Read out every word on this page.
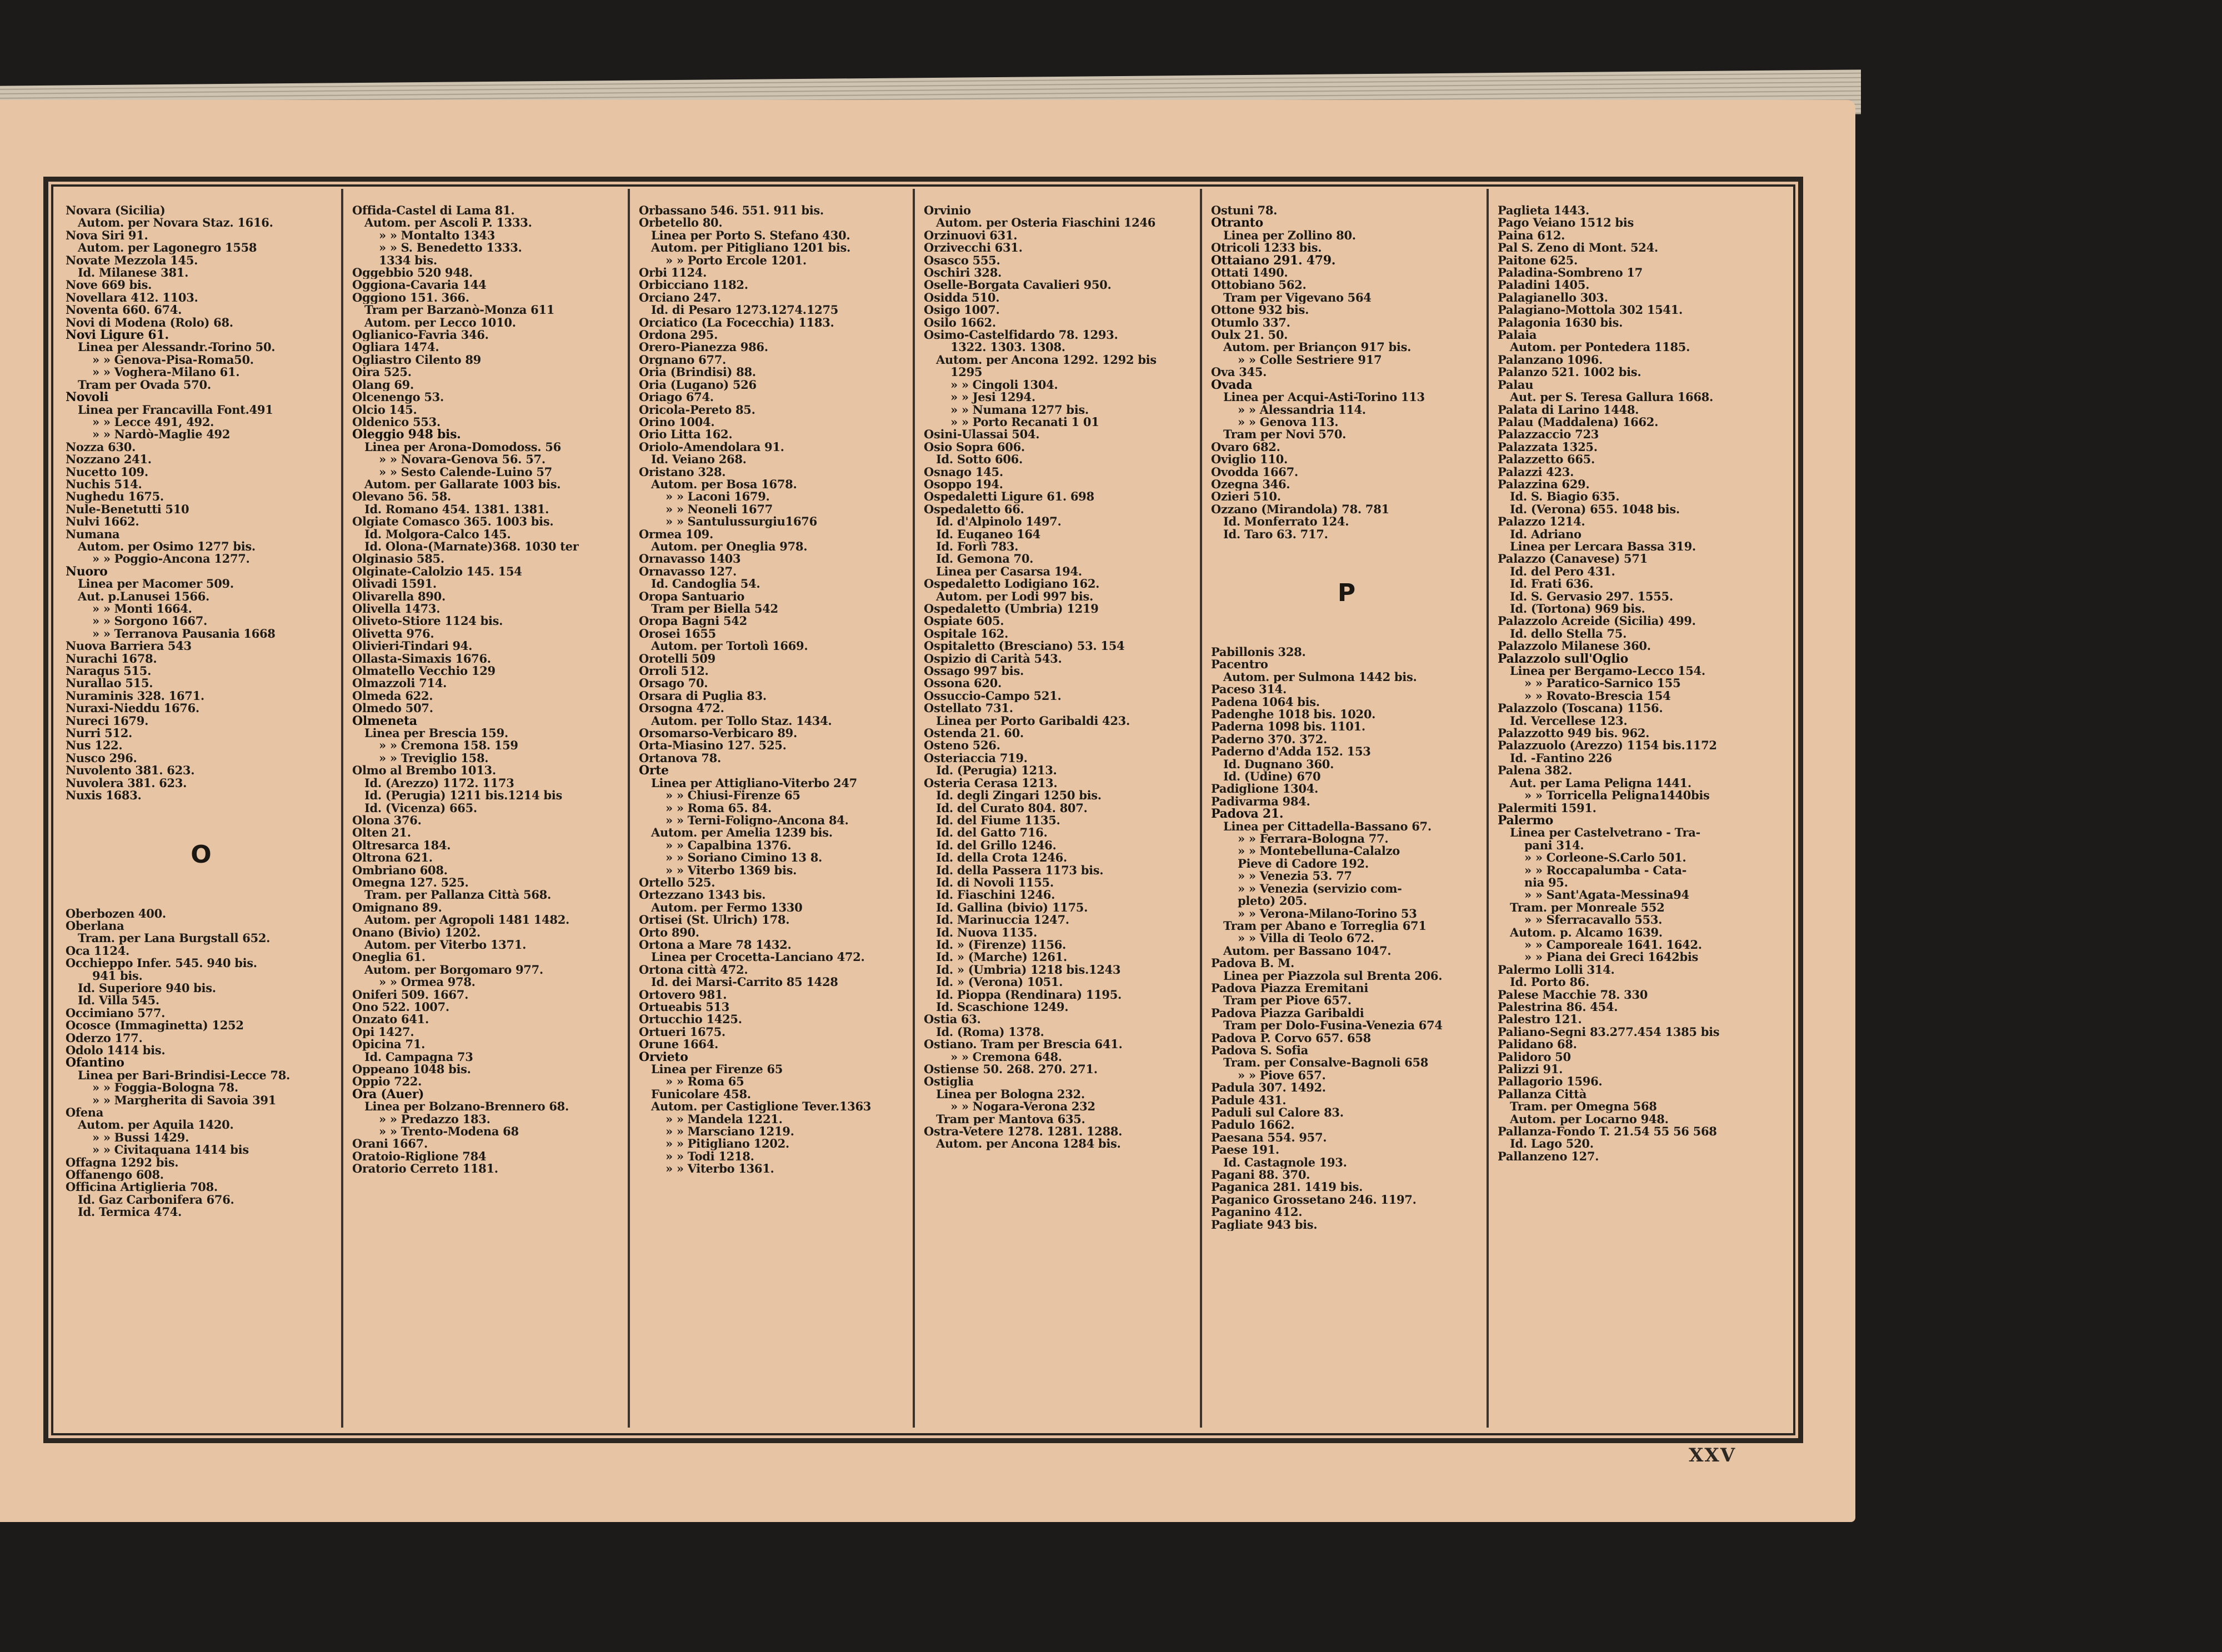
Novara (Sicilia)
Autom. per Novara Staz. 1616.
Nova Siri 91.
Autom. per Lagonegro 1558
Novate Mezzola 145.
Id. Milanese 381.
Nove 669 bis.
Novellara 412. 1103.
Noventa 660. 674.
Novi di Modena (Rolo) 68.
Novi Ligure 61.
Linea per Alessandr.-Torino 50.
» » Genova-Pisa-Roma50.
» » Voghera-Milano 61.
Tram per Ovada 570.
Novoli
Linea per Francavilla Font.491
» » Lecce 491, 492.
» » Nardò-Maglie 492
Nozza 630.
Nozzano 241.
Nucetto 109.
Nuchis 514.
Nughedu 1675.
Nule-Benetutti 510
Nulvi 1662.
Numana
Autom. per Osimo 1277 bis.
» » Poggio-Ancona 1277.
Nuoro
Linea per Macomer 509.
Aut. p.Lanusei 1566.
» » Monti 1664.
» » Sorgono 1667.
» » Terranova Pausania 1668
Nuova Barriera 543
Nurachi 1678.
Naragus 515.
Nurallao 515.
Nuraminis 328. 1671.
Nuraxi-Nieddu 1676.
Nureci 1679.
Nurri 512.
Nus 122.
Nusco 296.
Nuvolento 381. 623.
Nuvolera 381. 623.
Nuxis 1683.
O
Oberbozen 400.
Oberlana
Tram. per Lana Burgstall 652.
Oca 1124.
Occhieppo Infer. 545. 940 bis.
941 bis.
Id. Superiore 940 bis.
Id. Villa 545.
Occimiano 577.
Ocosce (Immaginetta) 1252
Oderzo 177.
Odolo 1414 bis.
Ofantino
Linea per Bari-Brindisi-Lecce 78.
» » Foggia-Bologna 78.
» » Margherita di Savoia 391
Ofena
Autom. per Aquila 1420.
» » Bussi 1429.
» » Civitaquana 1414 bis
Offagna 1292 bis.
Offanengo 608.
Officina Artiglieria 708.
Id. Gaz Carbonifera 676.
Id. Termica 474.
Offida-Castel di Lama 81.
Autom. per Ascoli P. 1333.
» » Montalto 1343
» » S. Benedetto 1333.
1334 bis.
Oggebbio 520 948.
Oggiona-Cavaria 144
Oggiono 151. 366.
Tram per Barzanò-Monza 611
Autom. per Lecco 1010.
Oglianico-Favria 346.
Ogliara 1474.
Ogliastro Cilento 89
Oira 525.
Olang 69.
Olcenengo 53.
Olcio 145.
Oldenico 553.
Oleggio 948 bis.
Linea per Arona-Domodoss. 56
» » Novara-Genova 56. 57.
» » Sesto Calende-Luino 57
Autom. per Gallarate 1003 bis.
Olevano 56. 58.
Id. Romano 454. 1381. 1381.
Olgiate Comasco 365. 1003 bis.
Id. Molgora-Calco 145.
Id. Olona-(Marnate)368. 1030 ter
Olginasio 585.
Olginate-Calolzio 145. 154
Olivadi 1591.
Olivarella 890.
Olivella 1473.
Oliveto-Stiore 1124 bis.
Olivetta 976.
Olivieri-Tindari 94.
Ollasta-Simaxis 1676.
Olmatello Vecchio 129
Olmazzoli 714.
Olmeda 622.
Olmedo 507.
Olmeneta
Linea per Brescia 159.
» » Cremona 158. 159
» » Treviglio 158.
Olmo al Brembo 1013.
Id. (Arezzo) 1172. 1173
Id. (Perugia) 1211 bis.1214 bis
Id. (Vicenza) 665.
Olona 376.
Olten 21.
Oltresarca 184.
Oltrona 621.
Ombriano 608.
Omegna 127. 525.
Tram. per Pallanza Città 568.
Omignano 89.
Autom. per Agropoli 1481 1482.
Onano (Bivio) 1202.
Autom. per Viterbo 1371.
Oneglia 61.
Autom. per Borgomaro 977.
» » Ormea 978.
Oniferi 509. 1667.
Ono 522. 1007.
Onzato 641.
Opi 1427.
Opicina 71.
Id. Campagna 73
Oppeano 1048 bis.
Oppio 722.
Ora (Auer)
Linea per Bolzano-Brennero 68.
» » Predazzo 183.
» » Trento-Modena 68
Orani 1667.
Oratoio-Riglione 784
Oratorio Cerreto 1181.
Orbassano 546. 551. 911 bis.
Orbetello 80.
Linea per Porto S. Stefano 430.
Autom. per Pitigliano 1201 bis.
» » Porto Ercole 1201.
Orbi 1124.
Orbicciano 1182.
Orciano 247.
Id. di Pesaro 1273.1274.1275
Orciatico (La Focecchia) 1183.
Ordona 295.
Orero-Pianezza 986.
Orgnano 677.
Oria (Brindisi) 88.
Oria (Lugano) 526
Oriago 674.
Oricola-Pereto 85.
Orino 1004.
Orio Litta 162.
Oriolo-Amendolara 91.
Id. Veiano 268.
Oristano 328.
Autom. per Bosa 1678.
» » Laconi 1679.
» » Neoneli 1677
» » Santulussurgiu1676
Ormea 109.
Autom. per Oneglia 978.
Ornavasso 1403
Ornavasso 127.
Id. Candoglia 54.
Oropa Santuario
Tram per Biella 542
Oropa Bagni 542
Orosei 1655
Autom. per Tortolì 1669.
Orotelli 509
Orroli 512.
Orsago 70.
Orsara di Puglia 83.
Orsogna 472.
Autom. per Tollo Staz. 1434.
Orsomarso-Verbicaro 89.
Orta-Miasino 127. 525.
Ortanova 78.
Orte
Linea per Attigliano-Viterbo 247
» » Chiusi-Firenze 65
» » Roma 65. 84.
» » Terni-Foligno-Ancona 84.
Autom. per Amelia 1239 bis.
» » Capalbina 1376.
» » Soriano Cimino 13 8.
» » Viterbo 1369 bis.
Ortello 525.
Ortezzano 1343 bis.
Autom. per Fermo 1330
Ortisei (St. Ulrich) 178.
Orto 890.
Ortona a Mare 78 1432.
Linea per Crocetta-Lanciano 472.
Ortona città 472.
Id. dei Marsi-Carrito 85 1428
Ortovero 981.
Ortueabis 513
Ortucchio 1425.
Ortueri 1675.
Orune 1664.
Orvieto
Linea per Firenze 65
» » Roma 65
Funicolare 458.
Autom. per Castiglione Tever.1363
» » Mandela 1221.
» » Marsciano 1219.
» » Pitigliano 1202.
» » Todi 1218.
» » Viterbo 1361.
Orvinio
Autom. per Osteria Fiaschini 1246
Orzinuovi 631.
Orzivecchi 631.
Osasco 555.
Oschiri 328.
Oselle-Borgata Cavalieri 950.
Osidda 510.
Osigo 1007.
Osilo 1662.
Osimo-Castelfidardo 78. 1293.
1322. 1303. 1308.
Autom. per Ancona 1292. 1292 bis
1295
» » Cingoli 1304.
» » Jesi 1294.
» » Numana 1277 bis.
» » Porto Recanati 1 01
Osini-Ulassai 504.
Osio Sopra 606.
Id. Sotto 606.
Osnago 145.
Osoppo 194.
Ospedaletti Ligure 61. 698
Ospedaletto 66.
Id. d'Alpinolo 1497.
Id. Euganeo 164
Id. Forlì 783.
Id. Gemona 70.
Linea per Casarsa 194.
Ospedaletto Lodigiano 162.
Autom. per Lodi 997 bis.
Ospedaletto (Umbria) 1219
Ospiate 605.
Ospitale 162.
Ospitaletto (Bresciano) 53. 154
Ospizio di Carità 543.
Ossago 997 bis.
Ossona 620.
Ossuccio-Campo 521.
Ostellato 731.
Linea per Porto Garibaldi 423.
Ostenda 21. 60.
Osteno 526.
Osteriaccia 719.
Id. (Perugia) 1213.
Osteria Cerasa 1213.
Id. degli Zingari 1250 bis.
Id. del Curato 804. 807.
Id. del Fiume 1135.
Id. del Gatto 716.
Id. del Grillo 1246.
Id. della Crota 1246.
Id. della Passera 1173 bis.
Id. di Novoli 1155.
Id. Fiaschini 1246.
Id. Gallina (bivio) 1175.
Id. Marinuccia 1247.
Id. Nuova 1135.
Id. » (Firenze) 1156.
Id. » (Marche) 1261.
Id. » (Umbria) 1218 bis.1243
Id. » (Verona) 1051.
Id. Pioppa (Rendinara) 1195.
Id. Scaschione 1249.
Ostia 63.
Id. (Roma) 1378.
Ostiano. Tram per Brescia 641.
» » Cremona 648.
Ostiense 50. 268. 270. 271.
Ostiglia
Linea per Bologna 232.
» » Nogara-Verona 232
Tram per Mantova 635.
Ostra-Vetere 1278. 1281. 1288.
Autom. per Ancona 1284 bis.
Ostuni 78.
Otranto
Linea per Zollino 80.
Otricoli 1233 bis.
Ottaiano 291. 479.
Ottati 1490.
Ottobiano 562.
Tram per Vigevano 564
Ottone 932 bis.
Otumlo 337.
Oulx 21. 50.
Autom. per Briançon 917 bis.
» » Colle Sestriere 917
Ova 345.
Ovada
Linea per Acqui-Asti-Torino 113
» » Alessandria 114.
» » Genova 113.
Tram per Novi 570.
Ovaro 682.
Oviglio 110.
Ovodda 1667.
Ozegna 346.
Ozieri 510.
Ozzano (Mirandola) 78. 781
Id. Monferrato 124.
Id. Taro 63. 717.
P
Pabillonis 328.
Pacentro
Autom. per Sulmona 1442 bis.
Paceso 314.
Padena 1064 bis.
Padenghe 1018 bis. 1020.
Paderna 1098 bis. 1101.
Paderno 370. 372.
Paderno d'Adda 152. 153
Id. Dugnano 360.
Id. (Udine) 670
Padiglione 1304.
Padivarma 984.
Padova 21.
Linea per Cittadella-Bassano 67.
» » Ferrara-Bologna 77.
» » Montebelluna-Calalzo
Pieve di Cadore 192.
» » Venezia 53. 77
» » Venezia (servizio com-
pleto) 205.
» » Verona-Milano-Torino 53
Tram per Abano e Torreglia 671
» » Villa di Teolo 672.
Autom. per Bassano 1047.
Padova B. M.
Linea per Piazzola sul Brenta 206.
Padova Piazza Eremitani
Tram per Piove 657.
Padova Piazza Garibaldi
Tram per Dolo-Fusina-Venezia 674
Padova P. Corvo 657. 658
Padova S. Sofia
Tram. per Consalve-Bagnoli 658
» » Piove 657.
Padula 307. 1492.
Padule 431.
Paduli sul Calore 83.
Padulo 1662.
Paesana 554. 957.
Paese 191.
Id. Castagnole 193.
Pagani 88. 370.
Paganica 281. 1419 bis.
Paganico Grossetano 246. 1197.
Paganino 412.
Pagliate 943 bis.
Paglieta 1443.
Pago Veiano 1512 bis
Paina 612.
Pal S. Zeno di Mont. 524.
Paitone 625.
Paladina-Sombreno 17
Paladini 1405.
Palagianello 303.
Palagiano-Mottola 302 1541.
Palagonia 1630 bis.
Palaia
Autom. per Pontedera 1185.
Palanzano 1096.
Palanzo 521. 1002 bis.
Palau
Aut. per S. Teresa Gallura 1668.
Palata di Larino 1448.
Palau (Maddalena) 1662.
Palazzaccio 723
Palazzata 1325.
Palazzetto 665.
Palazzi 423.
Palazzina 629.
Id. S. Biagio 635.
Id. (Verona) 655. 1048 bis.
Palazzo 1214.
Id. Adriano
Linea per Lercara Bassa 319.
Palazzo (Canavese) 571
Id. del Pero 431.
Id. Frati 636.
Id. S. Gervasio 297. 1555.
Id. (Tortona) 969 bis.
Palazzolo Acreide (Sicilia) 499.
Id. dello Stella 75.
Palazzolo Milanese 360.
Palazzolo sull'Oglio
Linea per Bergamo-Lecco 154.
» » Paratico-Sarnico 155
» » Rovato-Brescia 154
Palazzolo (Toscana) 1156.
Id. Vercellese 123.
Palazzotto 949 bis. 962.
Palazzuolo (Arezzo) 1154 bis.1172
Id. -Fantino 226
Palena 382.
Aut. per Lama Peligna 1441.
» » Torricella Peligna1440bis
Palermiti 1591.
Palermo
Linea per Castelvetrano - Tra-
pani 314.
» » Corleone-S.Carlo 501.
» » Roccapalumba - Cata-
nia 95.
» » Sant'Agata-Messina94
Tram. per Monreale 552
» » Sferracavallo 553.
Autom. p. Alcamo 1639.
» » Camporeale 1641. 1642.
» » Piana dei Greci 1642bis
Palermo Lolli 314.
Id. Porto 86.
Palese Macchie 78. 330
Palestrina 86. 454.
Palestro 121.
Paliano-Segni 83.277.454 1385 bis
Palidano 68.
Palidoro 50
Palizzi 91.
Pallagorio 1596.
Pallanza Città
Tram. per Omegna 568
Autom. per Locarno 948.
Pallanza-Fondo T. 21.54 55 56 568
Id. Lago 520.
Pallanzeno 127.
XXV
